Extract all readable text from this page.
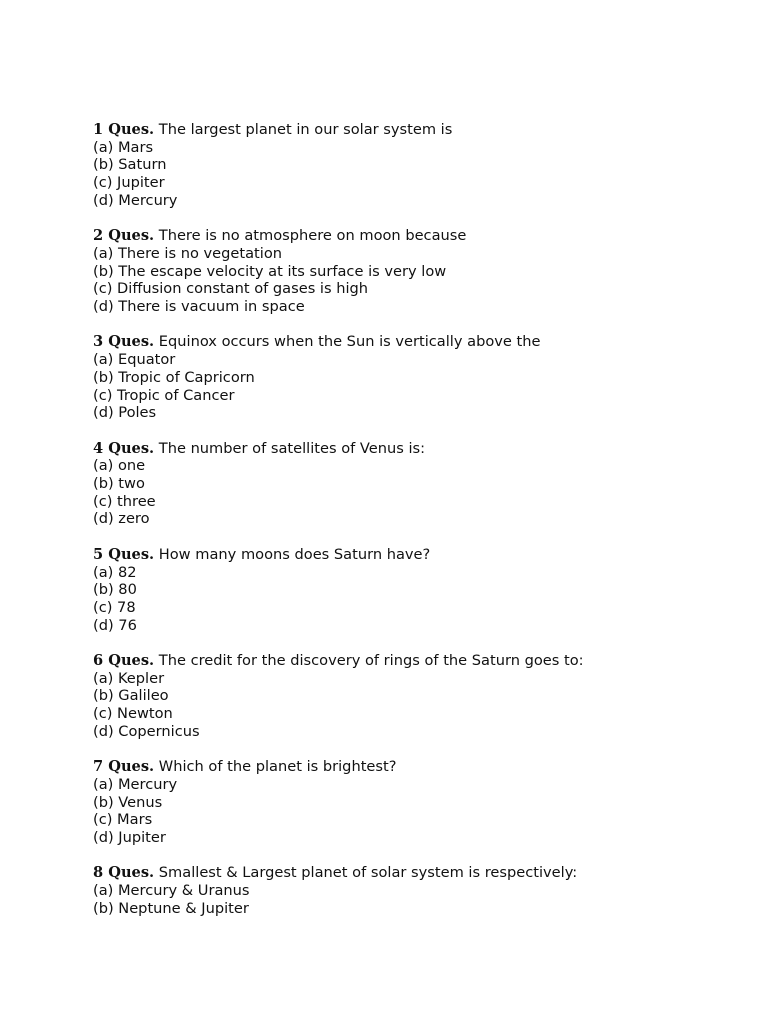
1 Ques. The largest planet in our solar system is
(a) Mars
(b) Saturn
(c) Jupiter
(d) Mercury
2 Ques. There is no atmosphere on moon because
(a) There is no vegetation
(b) The escape velocity at its surface is very low
(c) Diffusion constant of gases is high
(d) There is vacuum in space
3 Ques. Equinox occurs when the Sun is vertically above the
(a) Equator
(b) Tropic of Capricorn
(c) Tropic of Cancer
(d) Poles
4 Ques. The number of satellites of Venus is:
(a) one
(b) two
(c) three
(d) zero
5 Ques. How many moons does Saturn have?
(a) 82
(b) 80
(c) 78
(d) 76
6 Ques. The credit for the discovery of rings of the Saturn goes to:
(a) Kepler
(b) Galileo
(c) Newton
(d) Copernicus
7 Ques. Which of the planet is brightest?
(a) Mercury
(b) Venus
(c) Mars
(d) Jupiter
8 Ques. Smallest & Largest planet of solar system is respectively:
(a) Mercury & Uranus
(b) Neptune & Jupiter
